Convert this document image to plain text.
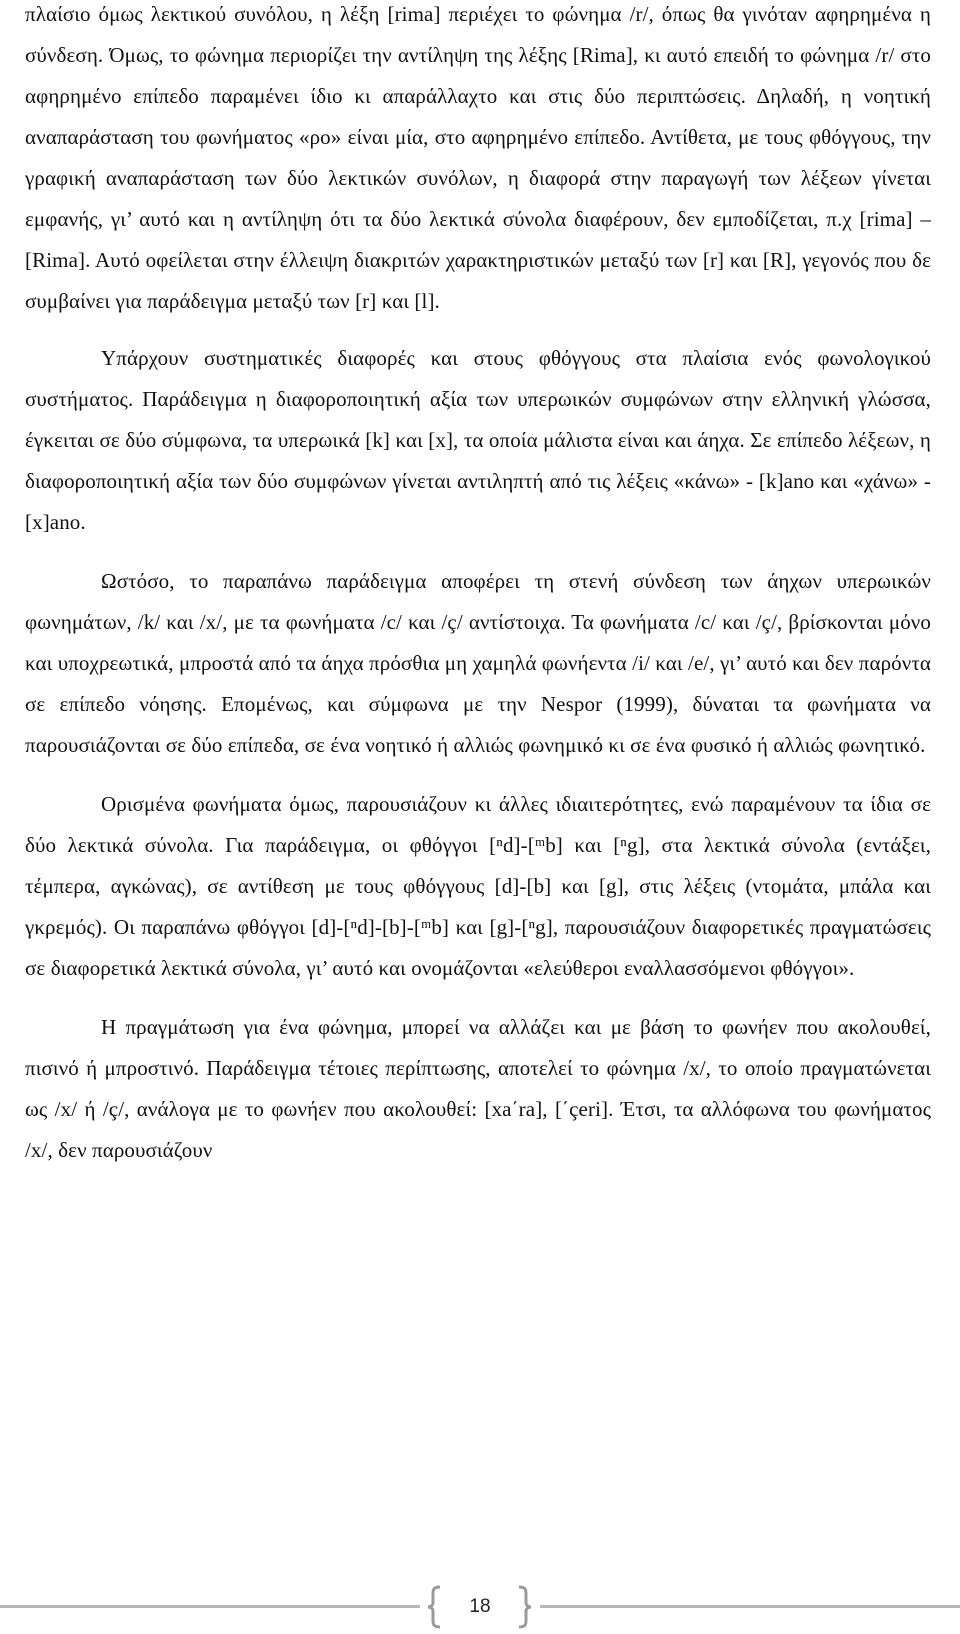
πλαίσιο όμως λεκτικού συνόλου, η λέξη [rima] περιέχει το φώνημα /r/, όπως θα γινόταν αφηρημένα η σύνδεση. Όμως, το φώνημα περιορίζει την αντίληψη της λέξης [Rima], κι αυτό επειδή το φώνημα /r/ στο αφηρημένο επίπεδο παραμένει ίδιο κι απαράλλαχτο και στις δύο περιπτώσεις. Δηλαδή, η νοητική αναπαράσταση του φωνήματος «ρο» είναι μία, στο αφηρημένο επίπεδο. Αντίθετα, με τους φθόγγους, την γραφική αναπαράσταση των δύο λεκτικών συνόλων, η διαφορά στην παραγωγή των λέξεων γίνεται εμφανής, γι’ αυτό και η αντίληψη ότι τα δύο λεκτικά σύνολα διαφέρουν, δεν εμποδίζεται, π.χ [rima] – [Rima]. Αυτό οφείλεται στην έλλειψη διακριτών χαρακτηριστικών μεταξύ των [r] και [R], γεγονός που δε συμβαίνει για παράδειγμα μεταξύ των [r] και [l].

Υπάρχουν συστηματικές διαφορές και στους φθόγγους στα πλαίσια ενός φωνολογικού συστήματος. Παράδειγμα η διαφοροποιητική αξία των υπερωικών συμφώνων στην ελληνική γλώσσα, έγκειται σε δύο σύμφωνα, τα υπερωικά [k] και [x], τα οποία μάλιστα είναι και άηχα. Σε επίπεδο λέξεων, η διαφοροποιητική αξία των δύο συμφώνων γίνεται αντιληπτή από τις λέξεις «κάνω» - [k]ano και «χάνω» - [x]ano.

Ωστόσο, το παραπάνω παράδειγμα αποφέρει τη στενή σύνδεση των άηχων υπερωικών φωνημάτων, /k/ και /x/, με τα φωνήματα /c/ και /ç/ αντίστοιχα. Τα φωνήματα /c/ και /ç/, βρίσκονται μόνο και υποχρεωτικά, μπροστά από τα άηχα πρόσθια μη χαμηλά φωνήεντα /i/ και /e/, γι’ αυτό και δεν παρόντα σε επίπεδο νόησης. Επομένως, και σύμφωνα με την Nespor (1999), δύναται τα φωνήματα να παρουσιάζονται σε δύο επίπεδα, σε ένα νοητικό ή αλλιώς φωνημικό κι σε ένα φυσικό ή αλλιώς φωνητικό.

Ορισμένα φωνήματα όμως, παρουσιάζουν κι άλλες ιδιαιτερότητες, ενώ παραμένουν τα ίδια σε δύο λεκτικά σύνολα. Για παράδειγμα, οι φθόγγοι [ⁿd]-[ᵐb] και [ⁿg], στα λεκτικά σύνολα (εντάξει, τέμπερα, αγκώνας), σε αντίθεση με τους φθόγγους [d]-[b] και [g], στις λέξεις (ντομάτα, μπάλα και γκρεμός). Οι παραπάνω φθόγγοι [d]-[ⁿd]-[b]-[ᵐb] και [g]-[ⁿg], παρουσιάζουν διαφορετικές πραγματώσεις σε διαφορετικά λεκτικά σύνολα, γι’ αυτό και ονομάζονται «ελεύθεροι εναλλασσόμενοι φθόγγοι».

Η πραγμάτωση για ένα φώνημα, μπορεί να αλλάζει και με βάση το φωνήεν που ακολουθεί, πισινό ή μπροστινό. Παράδειγμα τέτοιες περίπτωσης, αποτελεί το φώνημα /x/, το οποίο πραγματώνεται ως /x/ ή /ç/, ανάλογα με το φωνήεν που ακολουθεί: [xa΄ra], [΄çeri]. Έτσι, τα αλλόφωνα του φωνήματος /x/, δεν παρουσιάζουν

18
